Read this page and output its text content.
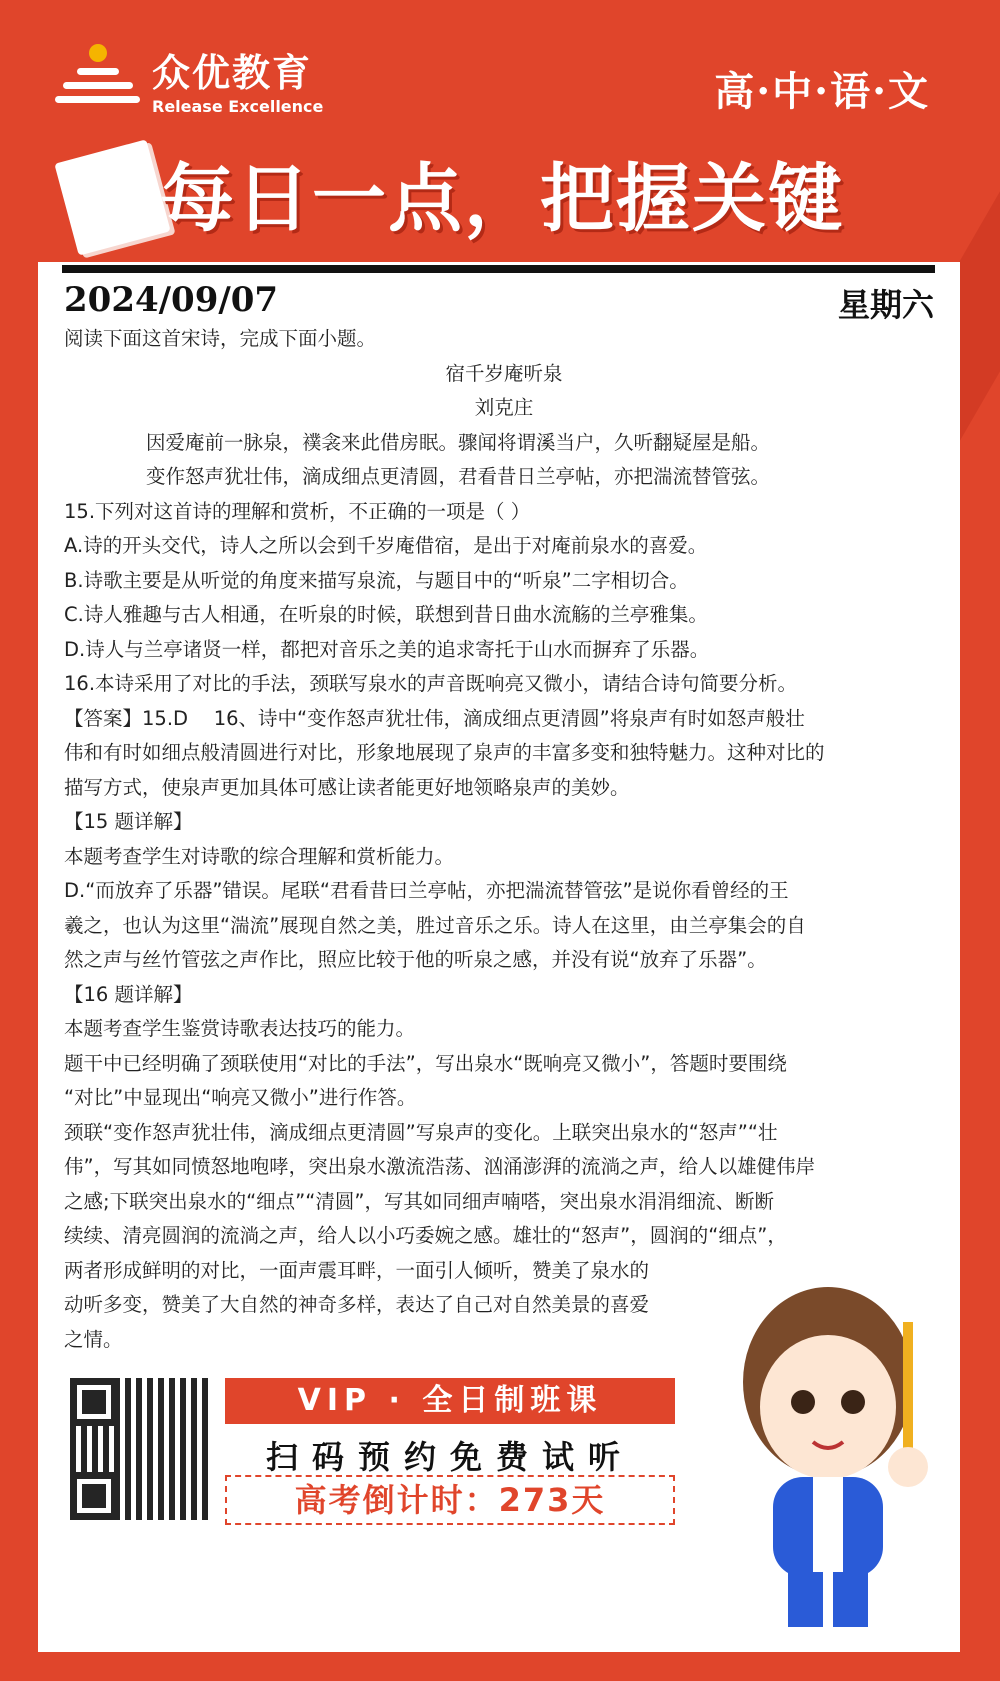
众优教育
Release Excellence	高·中·语·文
每日一点，把握关键
2024/09/07	星期六
阅读下面这首宋诗，完成下面小题。
宿千岁庵听泉
刘克庄
因爱庵前一脉泉，襆衾来此借房眠。骤闻将谓溪当户，久听翻疑屋是船。
变作怒声犹壮伟，滴成细点更清圆，君看昔日兰亭帖，亦把湍流替管弦。
15.下列对这首诗的理解和赏析，不正确的一项是（ ）
A.诗的开头交代，诗人之所以会到千岁庵借宿，是出于对庵前泉水的喜爱。
B.诗歌主要是从听觉的角度来描写泉流，与题目中的“听泉”二字相切合。
C.诗人雅趣与古人相通，在听泉的时候，联想到昔日曲水流觞的兰亭雅集。
D.诗人与兰亭诸贤一样，都把对音乐之美的追求寄托于山水而摒弃了乐器。
16.本诗采用了对比的手法，颈联写泉水的声音既响亮又微小，请结合诗句简要分析。
【答案】15.D　 16、诗中“变作怒声犹壮伟，滴成细点更清圆”将泉声有时如怒声般壮
伟和有时如细点般清圆进行对比，形象地展现了泉声的丰富多变和独特魅力。这种对比的
描写方式，使泉声更加具体可感让读者能更好地领略泉声的美妙。
【15 题详解】
本题考查学生对诗歌的综合理解和赏析能力。
D.“而放弃了乐器”错误。尾联“君看昔曰兰亭帖，亦把湍流替管弦”是说你看曾经的王
羲之，也认为这里“湍流”展现自然之美，胜过音乐之乐。诗人在这里，由兰亭集会的自
然之声与丝竹管弦之声作比，照应比较于他的听泉之感，并没有说“放弃了乐器”。
【16 题详解】
本题考查学生鉴赏诗歌表达技巧的能力。
题干中已经明确了颈联使用“对比的手法”，写出泉水“既响亮又微小”，答题时要围绕
“对比”中显现出“响亮又微小”进行作答。
颈联“变作怒声犹壮伟，滴成细点更清圆”写泉声的变化。上联突出泉水的“怒声”“壮
伟”，写其如同愤怒地咆哮，突出泉水激流浩荡、汹涌澎湃的流淌之声，给人以雄健伟岸
之感;下联突出泉水的“细点”“清圆”，写其如同细声喃嗒，突出泉水涓涓细流、断断
续续、清亮圆润的流淌之声，给人以小巧委婉之感。雄壮的“怒声”，圆润的“细点”，
两者形成鲜明的对比，一面声震耳畔，一面引人倾听，赞美了泉水的
动听多变，赞美了大自然的神奇多样，表达了自己对自然美景的喜爱
之情。
VIP · 全日制班课
扫码预约免费试听
高考倒计时：273天
